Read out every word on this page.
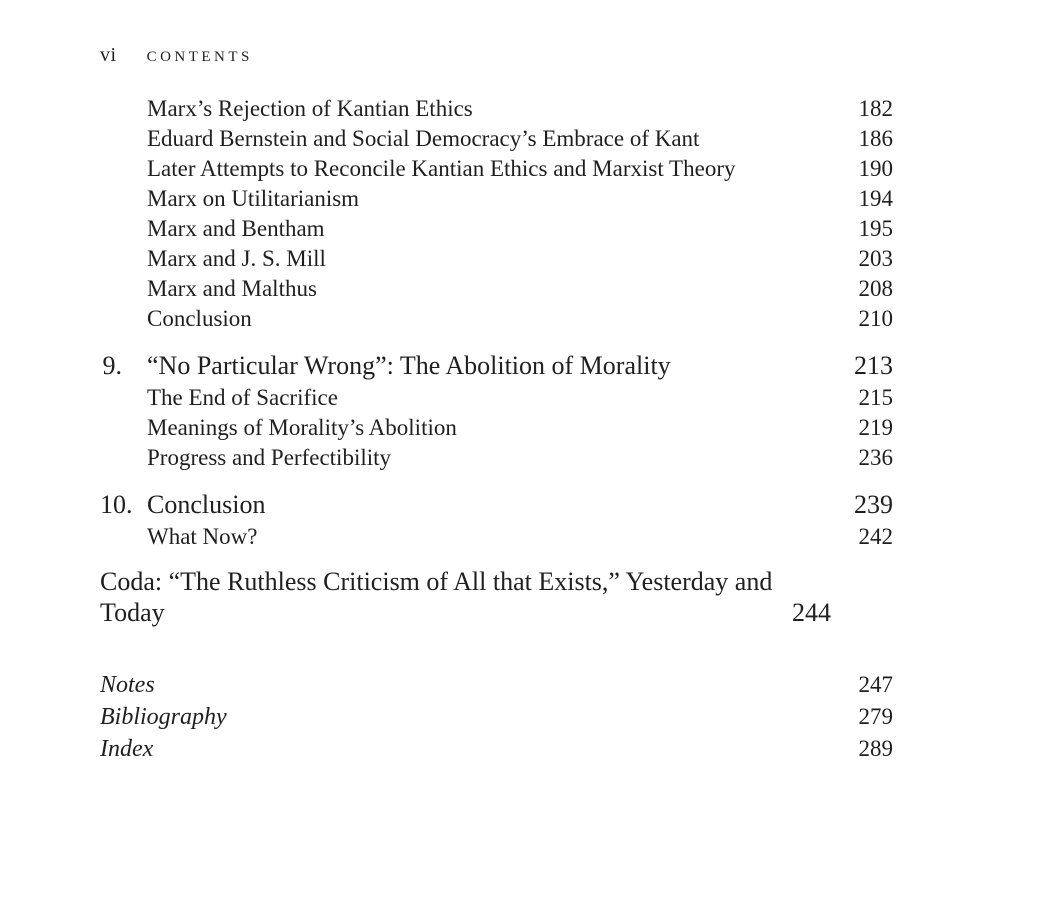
vi CONTENTS
Marx’s Rejection of Kantian Ethics	182
Eduard Bernstein and Social Democracy’s Embrace of Kant	186
Later Attempts to Reconcile Kantian Ethics and Marxist Theory	190
Marx on Utilitarianism	194
Marx and Bentham	195
Marx and J. S. Mill	203
Marx and Malthus	208
Conclusion	210
9. “No Particular Wrong”: The Abolition of Morality	213
The End of Sacrifice	215
Meanings of Morality’s Abolition	219
Progress and Perfectibility	236
10. Conclusion	239
What Now?	242
Coda: “The Ruthless Criticism of All that Exists,” Yesterday and Today	244
Notes	247
Bibliography	279
Index	289
